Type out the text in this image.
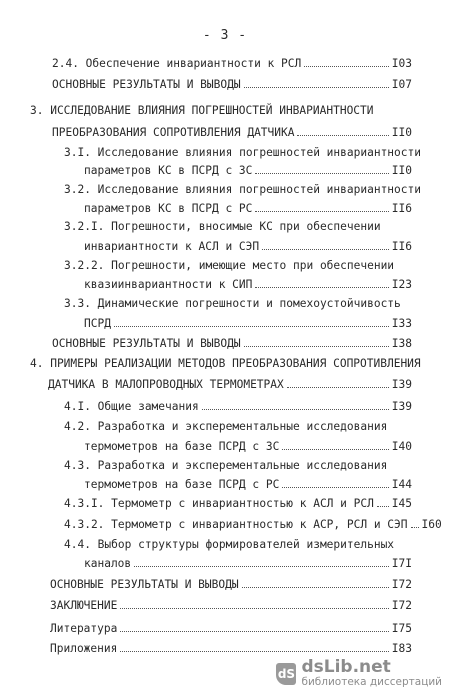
- 3 -
2.4. Обеспечение инвариантности к РСЛ	I03
ОСНОВНЫЕ РЕЗУЛЬТАТЫ И ВЫВОДЫ	I07
3. ИССЛЕДОВАНИЕ ВЛИЯНИЯ ПОГРЕШНОСТЕЙ ИНВАРИАНТНОСТИ
ПРЕОБРАЗОВАНИЯ СОПРОТИВЛЕНИЯ ДАТЧИКА	II0
3.I. Исследование влияния погрешностей инвариантности
параметров КС в ПСРД с ЗС	II0
3.2. Исследование влияния погрешностей инвариантности
параметров КС в ПСРД с РС	II6
3.2.I. Погрешности, вносимые КС при обеспечении
инвариантности к АСЛ и СЭП	II6
3.2.2. Погрешности, имеющие место при обеспечении
квазиинвариантности к СИП	I23
3.3. Динамические погрешности и помехоустойчивость
ПСРД	I33
ОСНОВНЫЕ РЕЗУЛЬТАТЫ И ВЫВОДЫ	I38
4. ПРИМЕРЫ РЕАЛИЗАЦИИ МЕТОДОВ ПРЕОБРАЗОВАНИЯ СОПРОТИВЛЕНИЯ
ДАТЧИКА В МАЛОПРОВОДНЫХ ТЕРМОМЕТРАХ	I39
4.I. Общие замечания	I39
4.2. Разработка и эксперементальные исследования
термометров на базе ПСРД с ЗС	I40
4.3. Разработка и эксперементальные исследования
термометров на базе ПСРД с РС	I44
4.3.I. Термометр с инвариантностью к АСЛ и РСЛ I45
4.3.2. Термометр с инвариантностью к АСР, РСЛ и СЭП I60
4.4. Выбор структуры формирователей измерительных
каналов	I7I
ОСНОВНЫЕ РЕЗУЛЬТАТЫ И ВЫВОДЫ	I72
ЗАКЛЮЧЕНИЕ	I72
Литература	I75
Приложения	I83
dS dsLib.net
библиотека диссертаций
